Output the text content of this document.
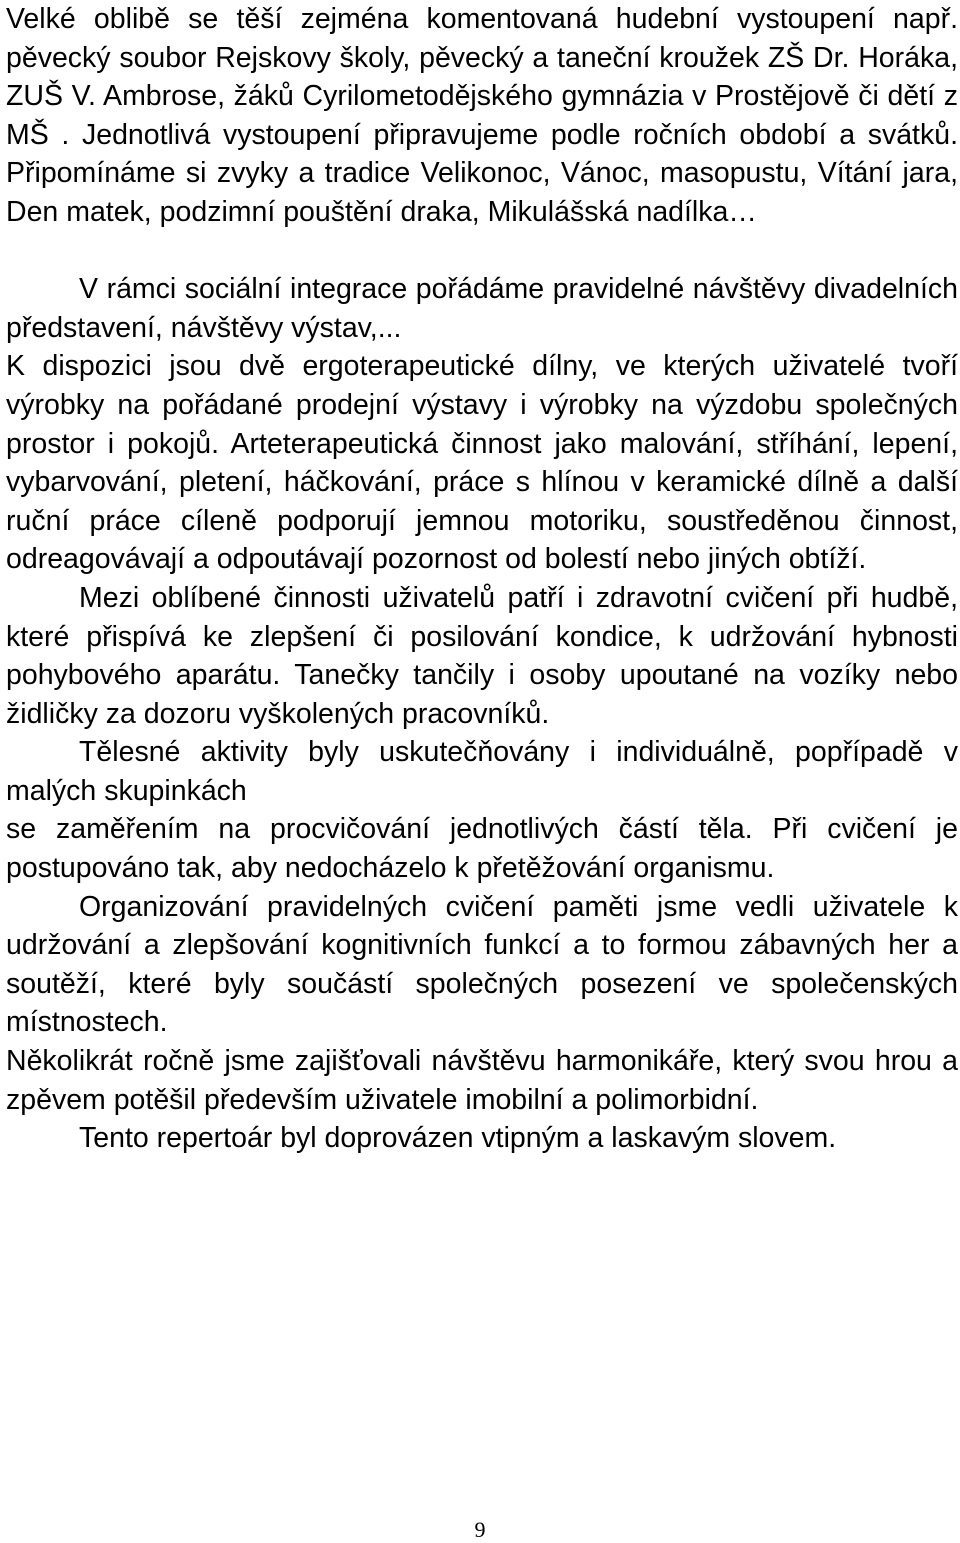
Velké oblibě se těší zejména komentovaná hudební vystoupení např. pěvecký soubor Rejskovy školy, pěvecký a taneční kroužek ZŠ Dr. Horáka, ZUŠ V. Ambrose, žáků Cyrilometodějského gymnázia v Prostějově či dětí z MŠ . Jednotlivá vystoupení připravujeme podle ročních období a svátků. Připomínáme si zvyky a tradice Velikonoc, Vánoc, masopustu, Vítání jara, Den matek, podzimní pouštění draka, Mikulášská nadílka…

V rámci sociální integrace pořádáme pravidelné návštěvy divadelních představení, návštěvy výstav,...

K dispozici jsou dvě ergoterapeutické dílny, ve kterých uživatelé tvoří výrobky na pořádané prodejní výstavy i výrobky na výzdobu společných prostor i pokojů. Arteterapeutická činnost jako malování, stříhání, lepení, vybarvování, pletení, háčkování, práce s hlínou v keramické dílně a další ruční práce cíleně podporují jemnou motoriku, soustředěnou činnost, odreagovávají a odpoutávají pozornost od bolestí nebo jiných obtíží.

Mezi oblíbené činnosti uživatelů patří i zdravotní cvičení při hudbě, které přispívá ke zlepšení či posilování kondice, k udržování hybnosti pohybového aparátu. Tanečky tančily i osoby upoutané na vozíky nebo židličky za dozoru vyškolených pracovníků.

Tělesné aktivity byly uskutečňovány i individuálně, popřípadě v malých skupinkách

se zaměřením na procvičování jednotlivých částí těla. Při cvičení je postupováno tak, aby nedocházelo k přetěžování organismu.

Organizování pravidelných cvičení paměti jsme vedli uživatele k udržování a zlepšování kognitivních funkcí a to formou zábavných her a soutěží, které byly součástí společných posezení ve společenských místnostech.

Několikrát ročně jsme zajišťovali návštěvu harmonikáře, který svou hrou a zpěvem potěšil především uživatele imobilní a polimorbidní.

Tento repertoár byl doprovázen vtipným a laskavým slovem.

9
